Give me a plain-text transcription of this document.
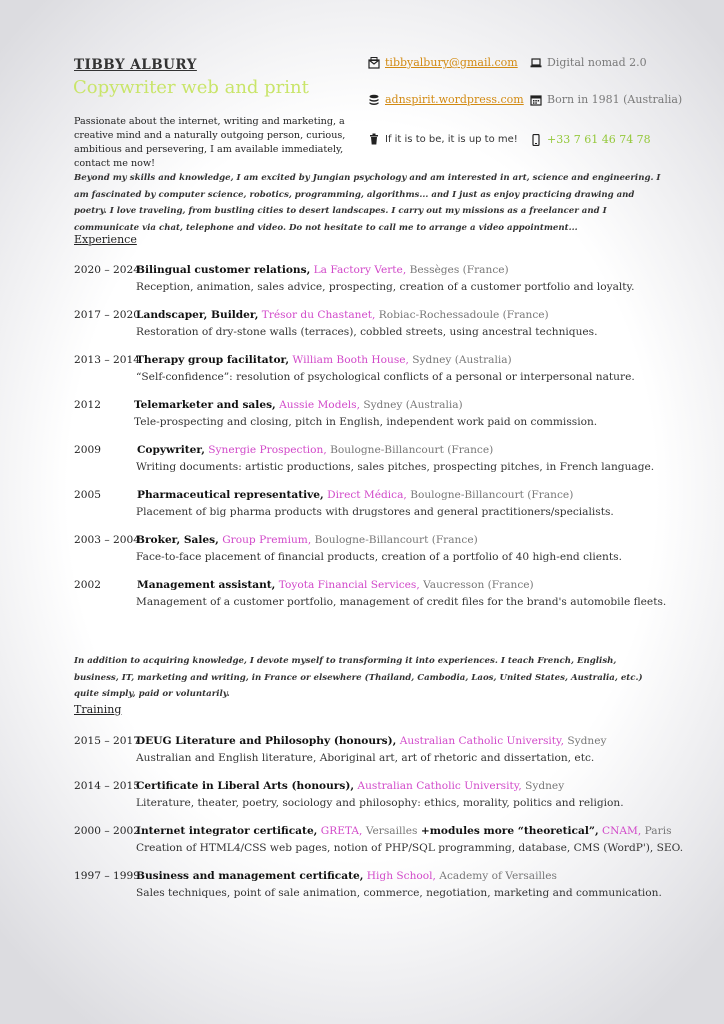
TIBBY ALBURY
Copywriter web and print
Passionate about the internet, writing and marketing, a creative mind and a naturally outgoing person, curious, ambitious and persevering, I am available immediately, contact me now!
tibbyalbury@gmail.com
adnspirit.wordpress.com
If it is to be, it is up to me!
Digital nomad 2.0
Born in 1981 (Australia)
+33 7 61 46 74 78
Beyond my skills and knowledge, I am excited by Jungian psychology and am interested in art, science and engineering. I am fascinated by computer science, robotics, programming, algorithms... and I just as enjoy practicing drawing and poetry. I love traveling, from bustling cities to desert landscapes. I carry out my missions as a freelancer and I communicate via chat, telephone and video. Do not hesitate to call me to arrange a video appointment...
Experience
2020 – 2024
Bilingual customer relations, La Factory Verte, Bessèges (France)
Reception, animation, sales advice, prospecting, creation of a customer portfolio and loyalty.
2017 – 2020
Landscaper, Builder, Trésor du Chastanet, Robiac-Rochessadoule (France)
Restoration of dry-stone walls (terraces), cobbled streets, using ancestral techniques.
2013 – 2014
Therapy group facilitator, William Booth House, Sydney (Australia)
“Self-confidence”: resolution of psychological conflicts of a personal or interpersonal nature.
2012	Telemarketer and sales, Aussie Models, Sydney (Australia)
Tele-prospecting and closing, pitch in English, independent work paid on commission.
2009	Copywriter, Synergie Prospection, Boulogne-Billancourt (France)
Writing documents: artistic productions, sales pitches, prospecting pitches, in French language.
2005	Pharmaceutical representative, Direct Médica, Boulogne-Billancourt (France)
Placement of big pharma products with drugstores and general practitioners/specialists.
2003 – 2004
Broker, Sales, Group Premium, Boulogne-Billancourt (France)
Face-to-face placement of financial products, creation of a portfolio of 40 high-end clients.
2002	Management assistant, Toyota Financial Services, Vaucresson (France)
Management of a customer portfolio, management of credit files for the brand's automobile fleets.
In addition to acquiring knowledge, I devote myself to transforming it into experiences. I teach French, English, business, IT, marketing and writing, in France or elsewhere (Thailand, Cambodia, Laos, United States, Australia, etc.) quite simply, paid or voluntarily.
Training
2015 – 2017
DEUG Literature and Philosophy (honours), Australian Catholic University, Sydney
Australian and English literature, Aboriginal art, art of rhetoric and dissertation, etc.
2014 – 2015
Certificate in Liberal Arts (honours), Australian Catholic University, Sydney
Literature, theater, poetry, sociology and philosophy: ethics, morality, politics and religion.
2000 – 2002
Internet integrator certificate, GRETA, Versailles +modules more “theoretical”, CNAM, Paris
Creation of HTML4/CSS web pages, notion of PHP/SQL programming, database, CMS (WordP'), SEO.
1997 – 1999
Business and management certificate, High School, Academy of Versailles
Sales techniques, point of sale animation, commerce, negotiation, marketing and communication.
